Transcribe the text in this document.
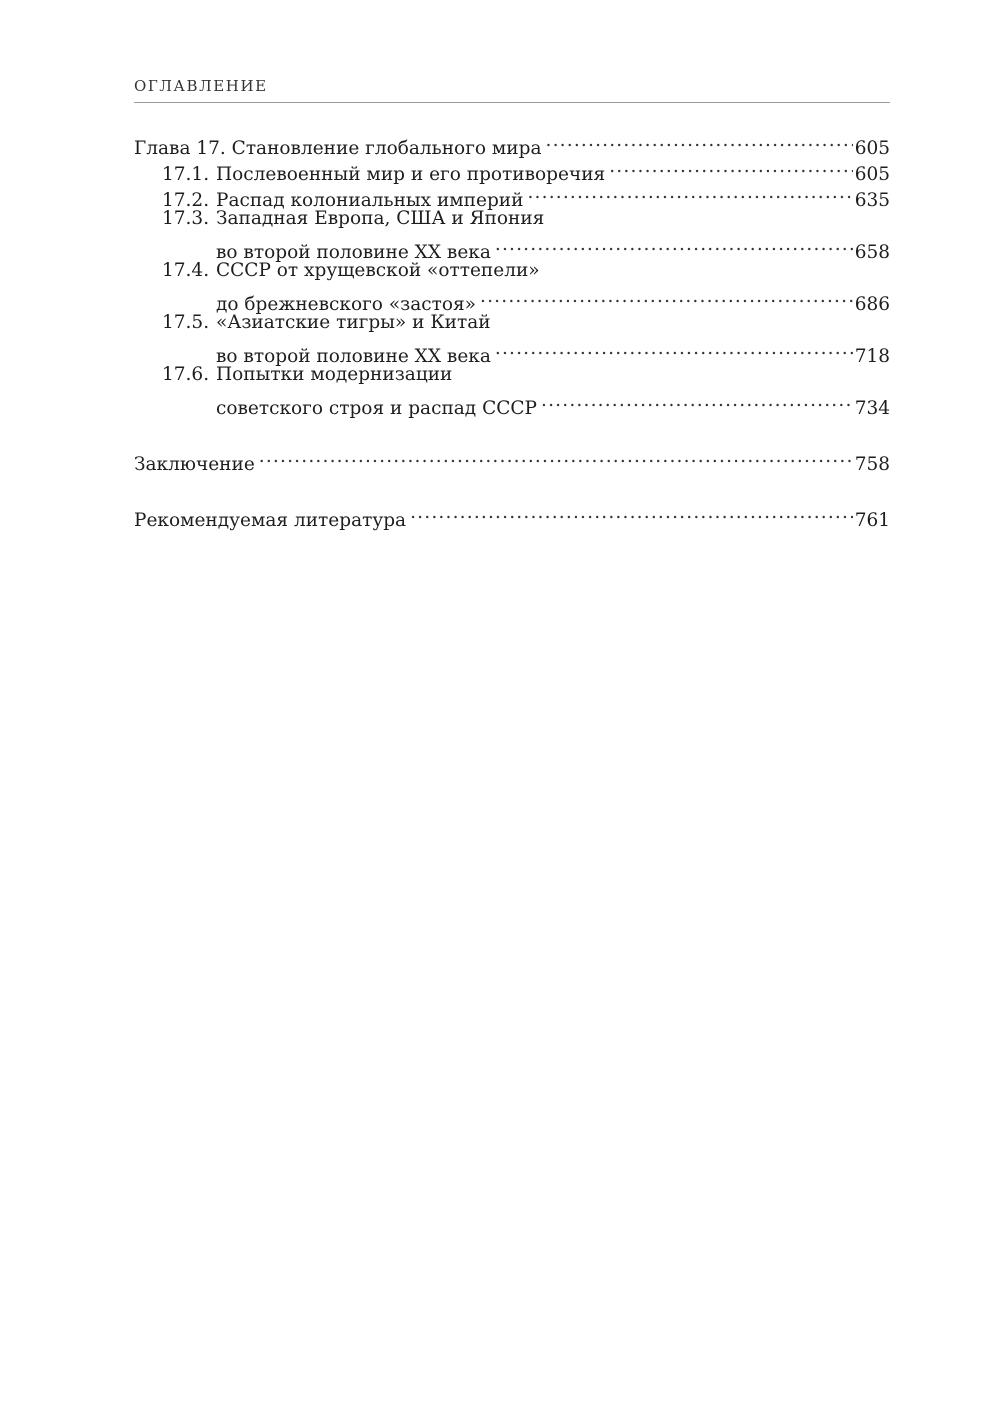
ОГЛАВЛЕНИЕ
Глава 17. Становление глобального мира .....	605
17.1. Послевоенный мир и его противоречия .....	605
17.2. Распад колониальных империй .....	635
17.3. Западная Европа, США и Япония
во второй половине XX века .....	658
17.4. СССР от хрущевской «оттепели»
до брежневского «застоя» .....	686
17.5. «Азиатские тигры» и Китай
во второй половине XX века .....	718
17.6. Попытки модернизации
советского строя и распад СССР .....	734
Заключение .....	758
Рекомендуемая литература .....	761
